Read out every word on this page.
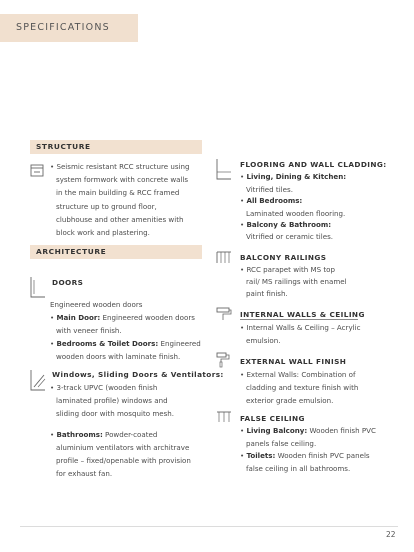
SPECIFICATIONS
STRUCTURE
• Seismic resistant RCC structure using
system formwork with concrete walls
in the main building & RCC framed
structure up to ground floor,
clubhouse and other amenities with
block work and plastering.
ARCHITECTURE
DOORS
Engineered wooden doors
• Main Door: Engineered wooden doors
with veneer finish.
• Bedrooms & Toilet Doors: Engineered
wooden doors with laminate finish.
Windows, Sliding Doors & Ventilators:
• 3-track UPVC (wooden finish
laminated profile) windows and
sliding door with mosquito mesh.
• Bathrooms: Powder-coated
aluminium ventilators with architrave
profile – fixed/openable with provision
for exhaust fan.
FLOORING AND WALL CLADDING:
• Living, Dining & Kitchen:
Vitrified tiles.
• All Bedrooms:
Laminated wooden flooring.
• Balcony & Bathroom:
Vitrified or ceramic tiles.
BALCONY RAILINGS
• RCC parapet with MS top
rail/ MS railings with enamel
paint finish.
INTERNAL WALLS & CEILING
• Internal Walls & Ceiling – Acrylic
emulsion.
EXTERNAL WALL FINISH
• External Walls: Combination of
cladding and texture finish with
exterior grade emulsion.
FALSE CEILING
• Living Balcony: Wooden finish PVC
panels false ceiling.
• Toilets: Wooden finish PVC panels
false ceiling in all bathrooms.
22
